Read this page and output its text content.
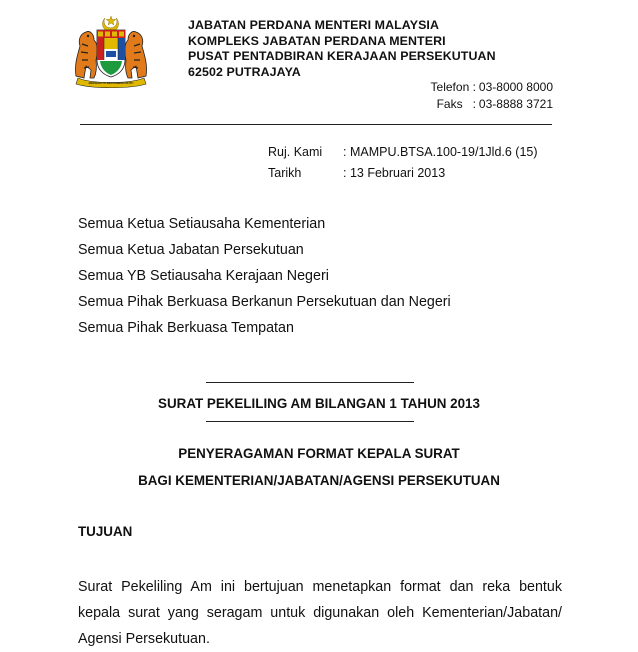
BERSEKUTU BERTAMBAH MUTU
JABATAN PERDANA MENTERI MALAYSIA
KOMPLEKS JABATAN PERDANA MENTERI
PUSAT PENTADBIRAN KERAJAAN PERSEKUTUAN
62502 PUTRAJAYA
Telefon : 03-8000 8000
Faks   : 03-8888 3721
Ruj. Kami	: MAMPU.BTSA.100-19/1Jld.6 (15)
Tarikh	: 13 Februari 2013
Semua Ketua Setiausaha Kementerian
Semua Ketua Jabatan Persekutuan
Semua YB Setiausaha Kerajaan Negeri
Semua Pihak Berkuasa Berkanun Persekutuan dan Negeri
Semua Pihak Berkuasa Tempatan
SURAT PEKELILING AM BILANGAN 1 TAHUN 2013
PENYERAGAMAN FORMAT KEPALA SURAT
BAGI KEMENTERIAN/JABATAN/AGENSI PERSEKUTUAN
TUJUAN
Surat Pekeliling Am ini bertujuan menetapkan format dan reka bentuk
kepala surat yang seragam untuk digunakan oleh Kementerian/Jabatan/
Agensi Persekutuan.
